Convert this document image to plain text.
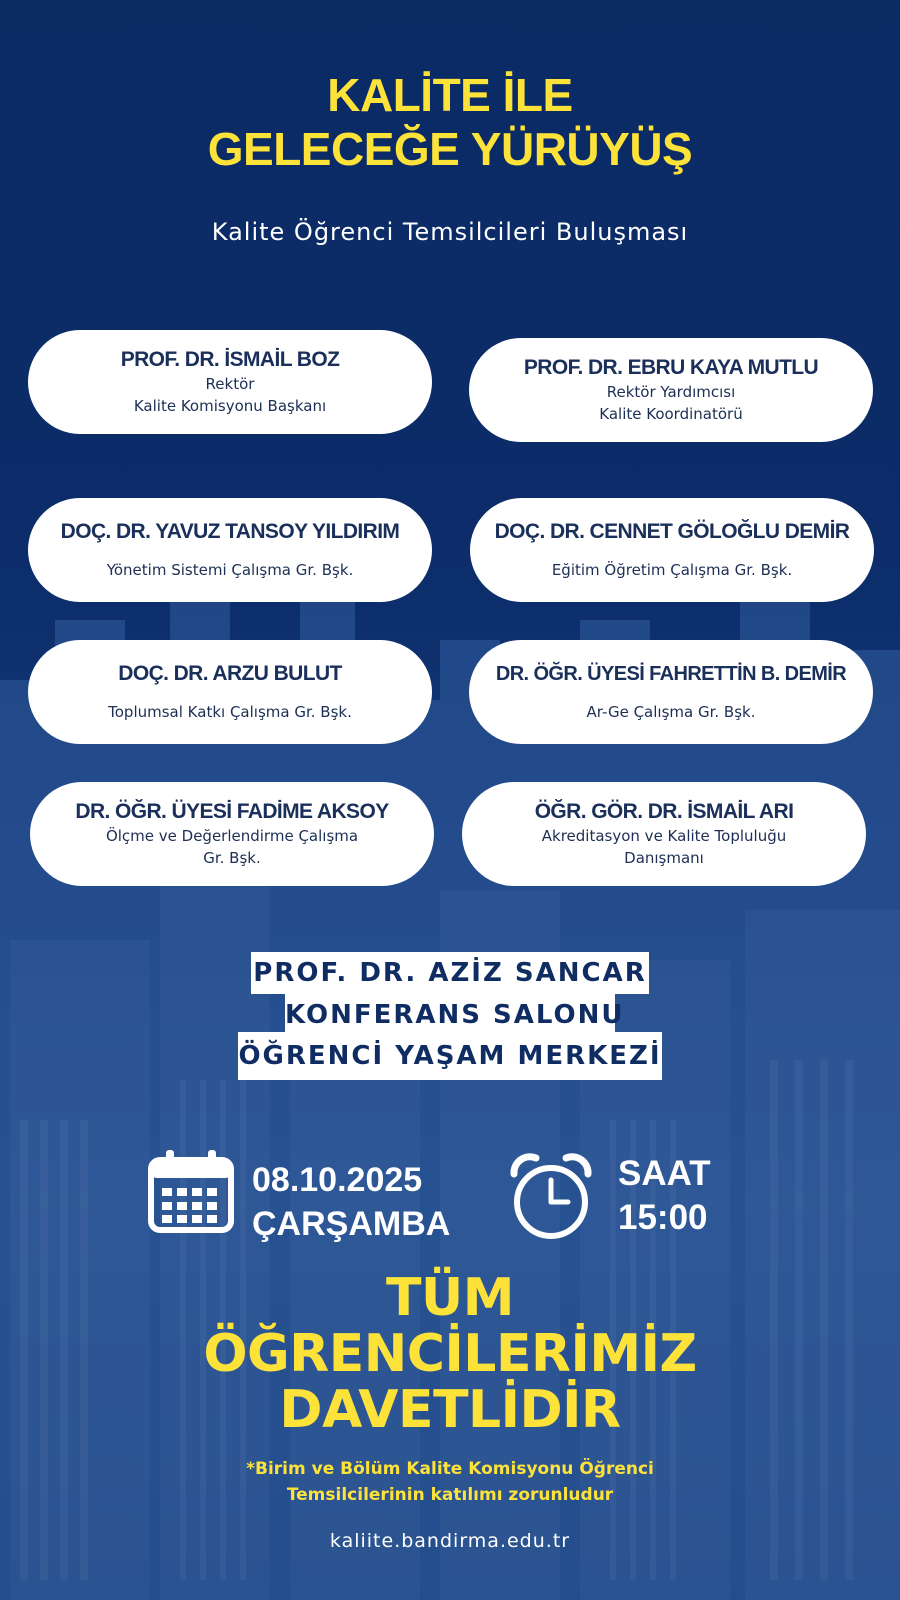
KALİTE İLE
GELECEĞE YÜRÜYÜŞ
Kalite Öğrenci Temsilcileri Buluşması
PROF. DR. İSMAİL BOZ
Rektör
Kalite Komisyonu Başkanı
PROF. DR. EBRU KAYA MUTLU
Rektör Yardımcısı
Kalite Koordinatörü
DOÇ. DR. YAVUZ TANSOY YILDIRIM
Yönetim Sistemi Çalışma Gr. Bşk.
DOÇ. DR. CENNET GÖLOĞLU DEMİR
Eğitim Öğretim Çalışma Gr. Bşk.
DOÇ. DR. ARZU BULUT
Toplumsal Katkı Çalışma Gr. Bşk.
DR. ÖĞR. ÜYESİ FAHRETTİN B. DEMİR
Ar-Ge Çalışma Gr. Bşk.
DR. ÖĞR. ÜYESİ FADİME AKSOY
Ölçme ve Değerlendirme Çalışma
Gr. Bşk.
ÖĞR. GÖR. DR. İSMAİL ARI
Akreditasyon ve Kalite Topluluğu
Danışmanı
PROF. DR. AZİZ SANCAR
KONFERANS SALONU
ÖĞRENCİ YAŞAM MERKEZİ
08.10.2025
ÇARŞAMBA
SAAT
15:00
TÜM
ÖĞRENCİLERİMİZ
DAVETLİDİR
*Birim ve Bölüm Kalite Komisyonu Öğrenci
Temsilcilerinin katılımı zorunludur
kaliite.bandirma.edu.tr
